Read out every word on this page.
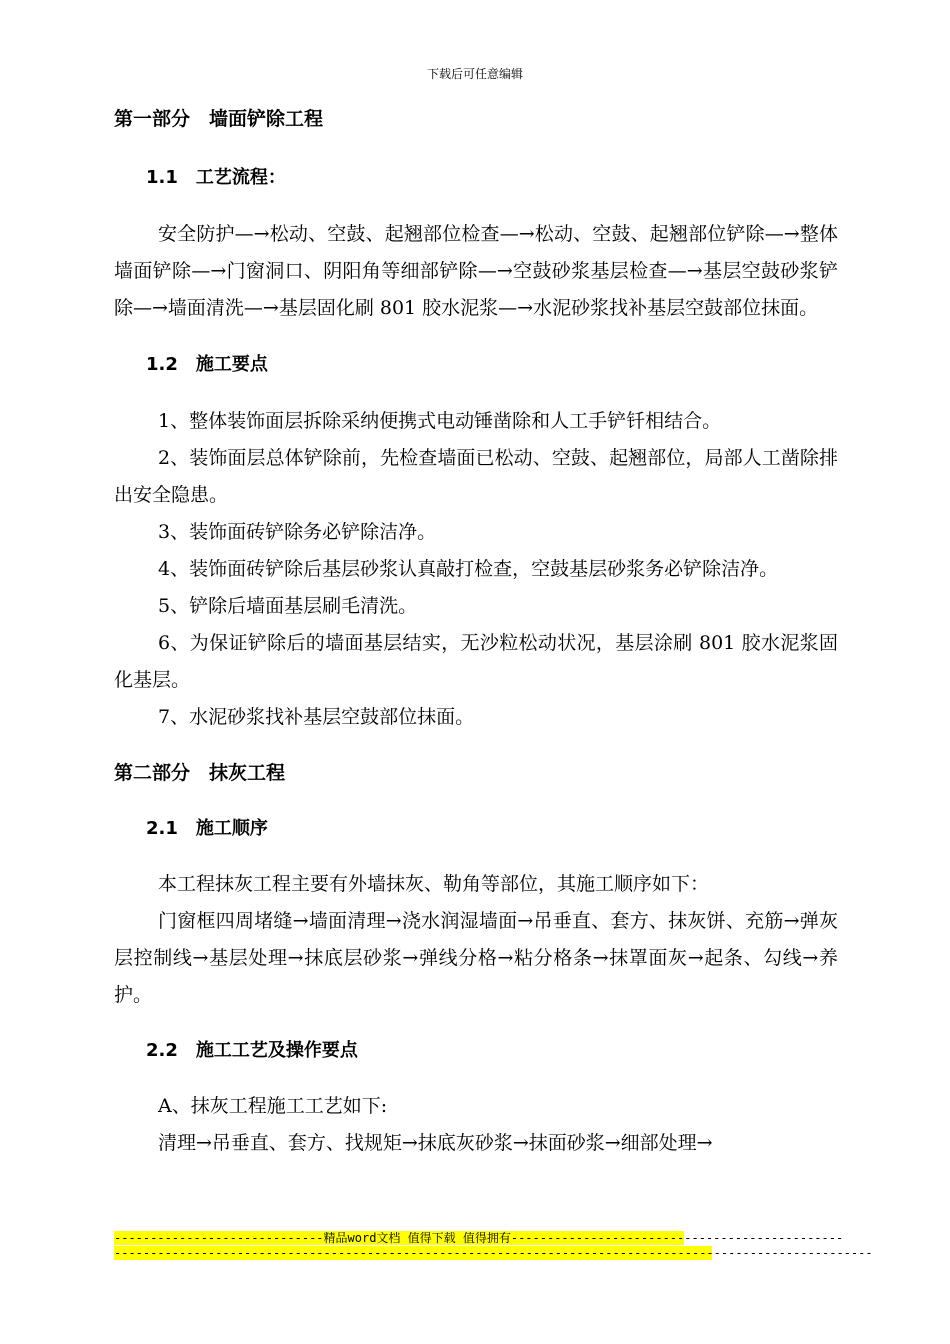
下载后可任意编辑
第一部分　墙面铲除工程
1.1　工艺流程：

安全防护—→松动、空鼓、起翘部位检查—→松动、空鼓、起翘部位铲除—→整体墙面铲除—→门窗洞口、阴阳角等细部铲除—→空鼓砂浆基层检查—→基层空鼓砂浆铲除—→墙面清洗—→基层固化刷 801 胶水泥浆—→水泥砂浆找补基层空鼓部位抹面。

1.2　施工要点

1、整体装饰面层拆除采纳便携式电动锤凿除和人工手铲钎相结合。

2、装饰面层总体铲除前，先检查墙面已松动、空鼓、起翘部位，局部人工凿除排出安全隐患。

3、装饰面砖铲除务必铲除洁净。

4、装饰面砖铲除后基层砂浆认真敲打检查，空鼓基层砂浆务必铲除洁净。

5、铲除后墙面基层刷毛清洗。

6、为保证铲除后的墙面基层结实，无沙粒松动状况，基层涂刷 801 胶水泥浆固化基层。

7、水泥砂浆找补基层空鼓部位抹面。

第二部分　抹灰工程
2.1　施工顺序

本工程抹灰工程主要有外墙抹灰、勒角等部位，其施工顺序如下：

门窗框四周堵缝→墙面清理→浇水润湿墙面→吊垂直、套方、抹灰饼、充筋→弹灰层控制线→基层处理→抹底层砂浆→弹线分格→粘分格条→抹罩面灰→起条、勾线→养护。

2.2　施工工艺及操作要点

A、抹灰工程施工工艺如下:

清理→吊垂直、套方、找规矩→抹底灰砂浆→抹面砂浆→细部处理→

-----------------------------精品word文档 值得下载 值得拥有----------------------------------------------
---------------------------------------------------------------------------------------------------------
